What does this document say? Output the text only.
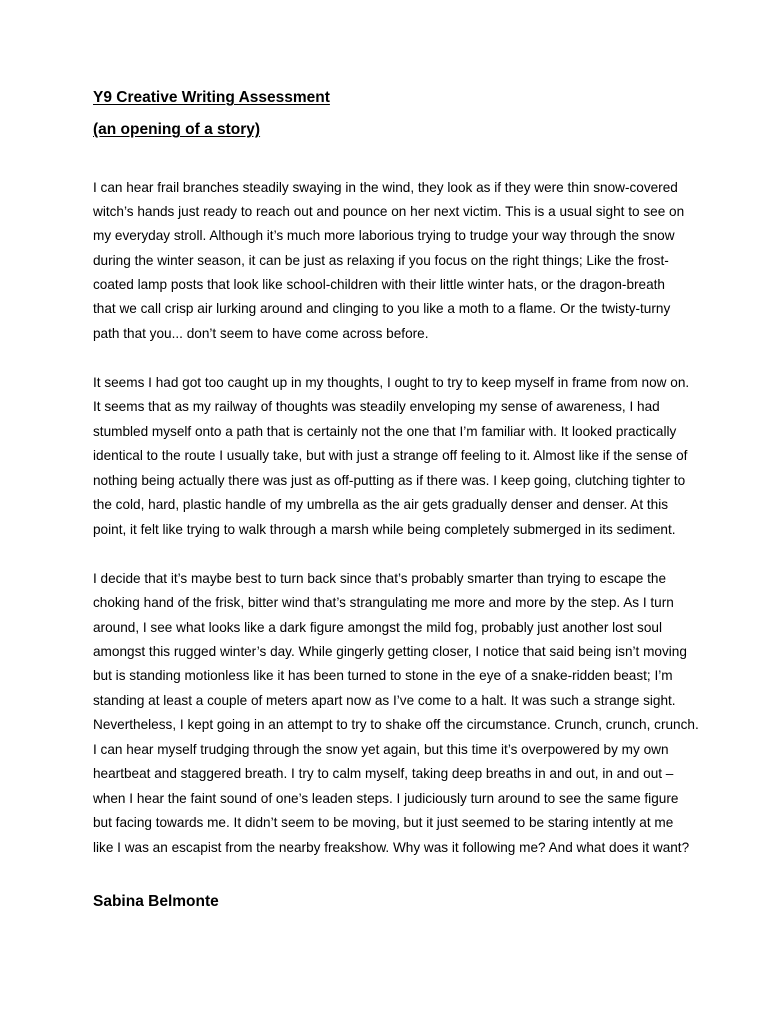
Y9 Creative Writing Assessment
(an opening of a story)
I can hear frail branches steadily swaying in the wind, they look as if they were thin snow-covered
witch’s hands just ready to reach out and pounce on her next victim. This is a usual sight to see on
my everyday stroll. Although it’s much more laborious trying to trudge your way through the snow
during the winter season, it can be just as relaxing if you focus on the right things; Like the frost-
coated lamp posts that look like school-children with their little winter hats, or the dragon-breath
that we call crisp air lurking around and clinging to you like a moth to a flame. Or the twisty-turny
path that you... don’t seem to have come across before.
It seems I had got too caught up in my thoughts, I ought to try to keep myself in frame from now on.
It seems that as my railway of thoughts was steadily enveloping my sense of awareness, I had
stumbled myself onto a path that is certainly not the one that I’m familiar with. It looked practically
identical to the route I usually take, but with just a strange off feeling to it. Almost like if the sense of
nothing being actually there was just as off-putting as if there was. I keep going, clutching tighter to
the cold, hard, plastic handle of my umbrella as the air gets gradually denser and denser. At this
point, it felt like trying to walk through a marsh while being completely submerged in its sediment.
I decide that it’s maybe best to turn back since that’s probably smarter than trying to escape the
choking hand of the frisk, bitter wind that’s strangulating me more and more by the step. As I turn
around, I see what looks like a dark figure amongst the mild fog, probably just another lost soul
amongst this rugged winter’s day. While gingerly getting closer, I notice that said being isn’t moving
but is standing motionless like it has been turned to stone in the eye of a snake-ridden beast; I’m
standing at least a couple of meters apart now as I’ve come to a halt. It was such a strange sight.
Nevertheless, I kept going in an attempt to try to shake off the circumstance. Crunch, crunch, crunch.
I can hear myself trudging through the snow yet again, but this time it’s overpowered by my own
heartbeat and staggered breath. I try to calm myself, taking deep breaths in and out, in and out –
when I hear the faint sound of one’s leaden steps. I judiciously turn around to see the same figure
but facing towards me. It didn’t seem to be moving, but it just seemed to be staring intently at me
like I was an escapist from the nearby freakshow. Why was it following me? And what does it want?
Sabina Belmonte
